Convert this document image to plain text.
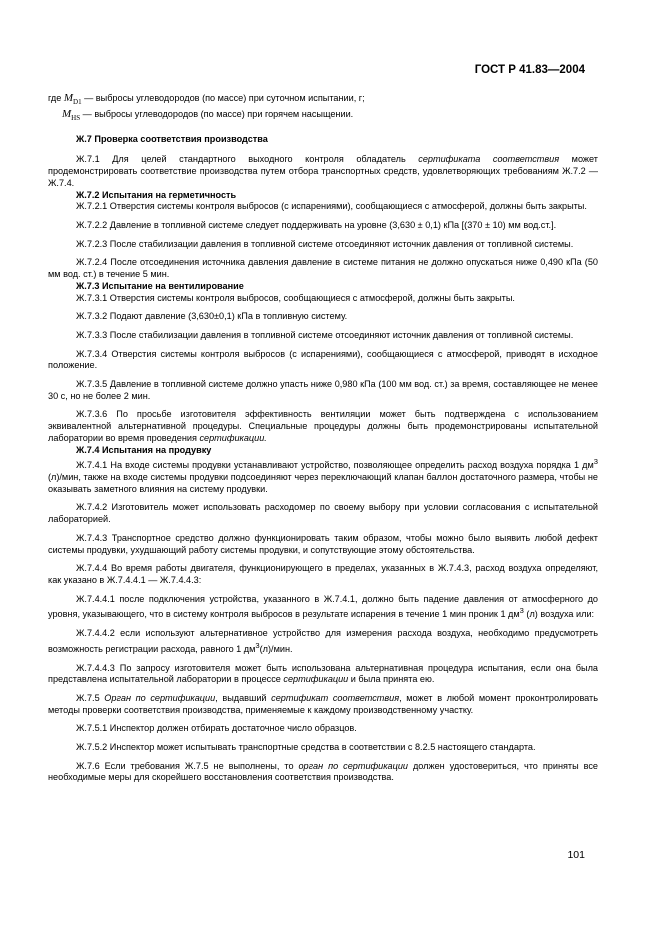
ГОСТ Р 41.83—2004

где $M_{D1}$ — выбросы углеводородов (по массе) при суточном испытании, г;

$M_{HS}$ — выбросы углеводородов (по массе) при горячем насыщении.

Ж.7 Проверка соответствия производства

Ж.7.1 Для целей стандартного выходного контроля обладатель сертификата соответствия может продемонстрировать соответствие производства путем отбора транспортных средств, удовлетворяющих требованиям Ж.7.2 — Ж.7.4.

Ж.7.2 Испытания на герметичность

Ж.7.2.1 Отверстия системы контроля выбросов (с испарениями), сообщающиеся с атмосферой, должны быть закрыты.

Ж.7.2.2 Давление в топливной системе следует поддерживать на уровне (3,630 ± 0,1) кПа [(370 ± 10) мм вод.ст.].

Ж.7.2.3 После стабилизации давления в топливной системе отсоединяют источник давления от топливной системы.

Ж.7.2.4 После отсоединения источника давления давление в системе питания не должно опускаться ниже 0,490 кПа (50 мм вод. ст.) в течение 5 мин.

Ж.7.3 Испытание на вентилирование

Ж.7.3.1 Отверстия системы контроля выбросов, сообщающиеся с атмосферой, должны быть закрыты.

Ж.7.3.2 Подают давление (3,630±0,1) кПа в топливную систему.

Ж.7.3.3 После стабилизации давления в топливной системе отсоединяют источник давления от топливной системы.

Ж.7.3.4 Отверстия системы контроля выбросов (с испарениями), сообщающиеся с атмосферой, приводят в исходное положение.

Ж.7.3.5 Давление в топливной системе должно упасть ниже 0,980 кПа (100 мм вод. ст.) за время, составляющее не менее 30 с, но не более 2 мин.

Ж.7.3.6 По просьбе изготовителя эффективность вентиляции может быть подтверждена с использованием эквивалентной альтернативной процедуры. Специальные процедуры должны быть продемонстрированы испытательной лаборатории во время проведения сертификации.

Ж.7.4 Испытания на продувку

Ж.7.4.1 На входе системы продувки устанавливают устройство, позволяющее определить расход воздуха порядка 1 $дм^3$ (л)/мин, также на входе системы продувки подсоединяют через переключающий клапан баллон достаточного размера, чтобы не оказывать заметного влияния на систему продувки.

Ж.7.4.2 Изготовитель может использовать расходомер по своему выбору при условии согласования с испытательной лабораторией.

Ж.7.4.3 Транспортное средство должно функционировать таким образом, чтобы можно было выявить любой дефект системы продувки, ухудшающий работу системы продувки, и сопутствующие этому обстоятельства.

Ж.7.4.4 Во время работы двигателя, функционирующего в пределах, указанных в Ж.7.4.3, расход воздуха определяют, как указано в Ж.7.4.4.1 — Ж.7.4.4.3:

Ж.7.4.4.1 после подключения устройства, указанного в Ж.7.4.1, должно быть падение давления от атмосферного до уровня, указывающего, что в систему контроля выбросов в результате испарения в течение 1 мин проник 1 $дм^3$ (л) воздуха или:

Ж.7.4.4.2 если используют альтернативное устройство для измерения расхода воздуха, необходимо предусмотреть возможность регистрации расхода, равного 1 $дм^3(л)$/мин.

Ж.7.4.4.3 По запросу изготовителя может быть использована альтернативная процедура испытания, если она была представлена испытательной лаборатории в процессе сертификации и была принята ею.

Ж.7.5 Орган по сертификации, выдавший сертификат соответствия, может в любой момент проконтролировать методы проверки соответствия производства, применяемые к каждому производственному участку.

Ж.7.5.1 Инспектор должен отбирать достаточное число образцов.

Ж.7.5.2 Инспектор может испытывать транспортные средства в соответствии с 8.2.5 настоящего стандарта.

Ж.7.6 Если требования Ж.7.5 не выполнены, то орган по сертификации должен удостовериться, что приняты все необходимые меры для скорейшего восстановления соответствия производства.

101
